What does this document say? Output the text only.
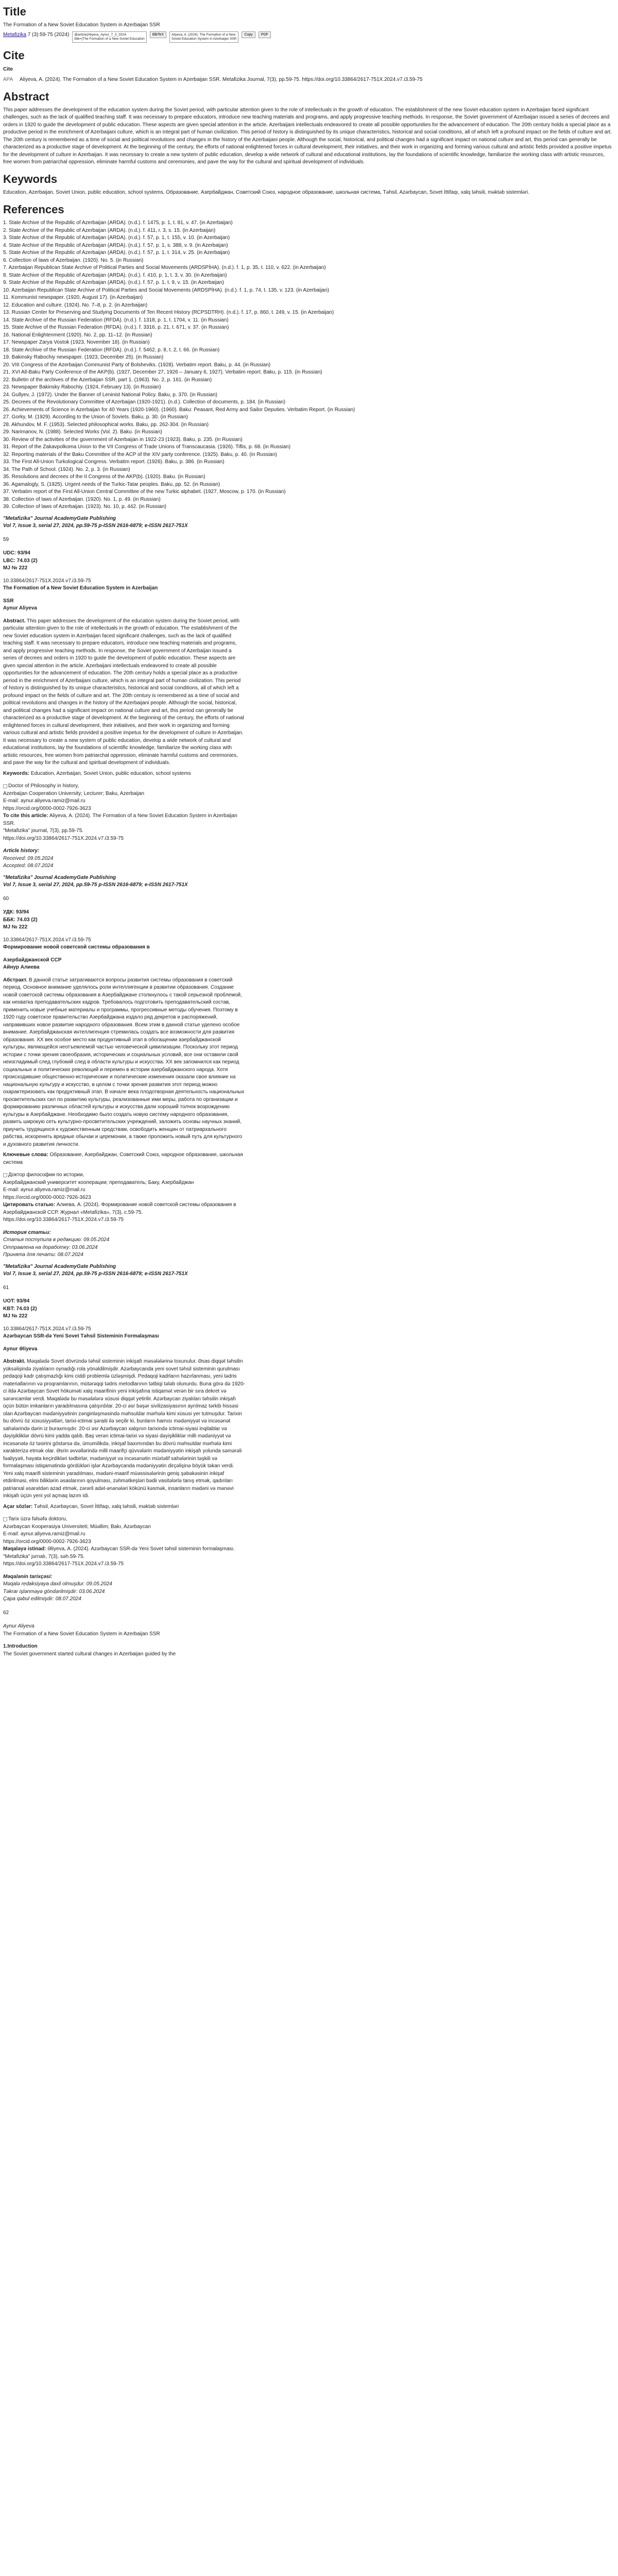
Title
The Formation of a New Soviet Education System in Azerbaijan SSR
Metafizika 7 (3):59-75 (2024) @article{Aliyeva_Aynur_7_3_2024,
title={The Formation of a New Soviet Education
BibTeX	Aliyeva, A. (2024). The Formation of a New
Soviet Education System in Azerbaijan SSR
Copy	PDF
Cite
Cite
APA	Aliyeva, A. (2024). The Formation of a New Soviet Education System in Azerbaijan SSR. Metafizika Journal, 7(3), pp.59-75. https://doi.org/10.33864/2617-751X.2024.v7.i3.59-75
Abstract

This paper addresses the development of the education system during the Soviet period, with particular attention given to the role of intellectuals in the growth of education. The establishment of the new Soviet education system in Azerbaijan faced significant challenges, such as the lack of qualified teaching staff. It was necessary to prepare educators, introduce new teaching materials and programs, and apply progressive teaching methods. In response, the Soviet government of Azerbaijan issued a series of decrees and orders in 1920 to guide the development of public education. These aspects are given special attention in the article. Azerbaijani intellectuals endeavored to create all possible opportunities for the advancement of education. The 20th century holds a special place as a productive period in the enrichment of Azerbaijani culture, which is an integral part of human civilization. This period of history is distinguished by its unique characteristics, historical and social conditions, all of which left a profound impact on the fields of culture and art. The 20th century is remembered as a time of social and political revolutions and changes in the history of the Azerbaijani people. Although the social, historical, and political changes had a significant impact on national culture and art, this period can generally be characterized as a productive stage of development. At the beginning of the century, the efforts of national enlightened forces in cultural development, their initiatives, and their work in organizing and forming various cultural and artistic fields provided a positive impetus for the development of culture in Azerbaijan. It was necessary to create a new system of public education, develop a wide network of cultural and educational institutions, lay the foundations of scientific knowledge, familiarize the working class with artistic resources, free women from patriarchal oppression, eliminate harmful customs and ceremonies, and pave the way for the cultural and spiritual development of individuals.

Keywords

Education, Azerbaijan, Soviet Union, public education, school systems, Образование, Азербайджан, Советский Союз, народное образование, школьная система, Təhsil, Azərbaycan, Sovet İttifaqı, xalq təhsili, məktəb sistemləri.

References
1. State Archive of the Republic of Azerbaijan (ARDA). (n.d.). f. 1475, p. 1, t. 81, v. 47. (in Azerbaijan)
2. State Archive of the Republic of Azerbaijan (ARDA). (n.d.). f. 411, r. 3, s. 15. (in Azerbaijan)
3. State Archive of the Republic of Azerbaijan (ARDA). (n.d.). f. 57, p. 1, t. 155, v. 10. (in Azerbaijan)
4. State Archive of the Republic of Azerbaijan (ARDA). (n.d.). f. 57, p. 1, s. 388, v. 9. (in Azerbaijan)
5. State Archive of the Republic of Azerbaijan (ARDA). (n.d.). f. 57, p. 1, t. 314, v. 25. (in Azerbaijan)
6. Collection of laws of Azerbaijan. (1920). No. 5. (in Russian)
7. Azerbaijan Republican State Archive of Political Parties and Social Movements (ARDSPİHA). (n.d.). f. 1, p. 35, t. 110, v. 622. (in Azerbaijan)
8. State Archive of the Republic of Azerbaijan (ARDA). (n.d.). f. 410, p. 1, t. 3, v. 30. (in Azerbaijan)
9. State Archive of the Republic of Azerbaijan (ARDA). (n.d.). f. 57, p. 1, t. 9, v. 15. (in Azerbaijan)
10. Azerbaijan Republican State Archive of Political Parties and Social Movements (ARDSPİHA). (n.d.). f. 1, p. 74, t. 135, v. 123. (in Azerbaijan)
11. Kommunist newspaper. (1920, August 17). (in Azerbaijan)
12. Education and culture. (1924). No. 7–8, p. 2. (in Azerbaijan)
13. Russian Center for Preserving and Studying Documents of Ten Recent History (RCPSDTRH). (n.d.). f. 17, p. 860, t. 249, v. 15. (in Azerbaijan)
14. State Archive of the Russian Federation (RFDA). (n.d.). f. 1318, p. 1, t. 1704, v. 11. (in Russian)
15. State Archive of the Russian Federation (RFDA). (n.d.). f. 3316, p. 21, t. 671, v. 37. (in Russian)
16. National Enlightenment (1920). No. 2, pp. 11–12. (in Russian)
17. Newspaper Zarya Vostok (1923, November 18). (in Russian)
18. State Archive of the Russian Federation (RFDA). (n.d.). f. 5462, p. 8, t. 2, t. 66. (in Russian)
19. Bakinsky Rabochiy newspaper. (1923, December 25). (in Russian)
20. VIII Congress of the Azerbaijan Communist Party of Bolsheviks. (1928). Verbatim report. Baku, p. 44. (in Russian)
21. XVI All-Baku Party Conference of the AKP(b). (1927, December 27, 1926 – January 6, 1927). Verbatim report. Baku, p. 115. (in Russian)
22. Bulletin of the archives of the Azerbaijan SSR, part 1. (1963). No. 2, p. 161. (in Russian)
23. Newspaper Bakinsky Rabochiy. (1924, February 13). (in Russian)
24. Gullyev, J. (1972). Under the Banner of Leninist National Policy. Baku, p. 370. (in Russian)
25. Decrees of the Revolutionary Committee of Azerbaijan (1920-1921). (n.d.). Collection of documents, p. 184. (in Russian)
26. Achievements of Science in Azerbaijan for 40 Years (1920-1960). (1960). Baku: Peasant, Red Army and Sailor Deputies. Verbatim Report. (in Russian)
27. Gorky, M. (1929). According to the Union of Soviets. Baku, p. 30. (in Russian)
28. Akhundov, M. F. (1953). Selected philosophical works. Baku, pp. 262-304. (in Russian)
29. Narimanov, N. (1988). Selected Works (Vol. 2). Baku. (in Russian)
30. Review of the activities of the government of Azerbaijan in 1922-23 (1923). Baku, p. 235. (in Russian)
31. Report of the Zakavpolkoma Union to the VII Congress of Trade Unions of Transcaucasia. (1926). Tiflis, p. 68. (in Russian)
32. Reporting materials of the Baku Committee of the ACP of the XIV party conference. (1925). Baku, p. 40. (in Russian)
33. The First All-Union Turkological Congress. Verbatim report. (1926). Baku, p. 386. (in Russian)
34. The Path of School. (1924). No. 2, p. 3. (in Russian)
35. Resolutions and decrees of the II Congress of the AKP(b). (1920). Baku. (in Russian)
36. Agamalogly, S. (1925). Urgent needs of the Turkic-Tatar peoples. Baku, pp. 52. (in Russian)
37. Verbatim report of the First All-Union Central Committee of the new Turkic alphabet. (1927, Moscow, p. 170. (in Russian)
38. Collection of laws of Azerbaijan. (1920). No. 1, p. 49. (in Russian)
39. Collection of laws of Azerbaijan. (1923). No. 10, p. 442. (in Russian)
"Metafizika" Journal AcademyGate Publishing
Vol 7, Issue 3, serial 27, 2024, pp.59-75 p-ISSN 2616-6879; e-ISSN 2617-751X
59
UDC: 93/94
LBC: 74.03 (2)
MJ № 222
10.33864/2617-751X.2024.v7.i3.59-75
The Formation of a New Soviet Education System in Azerbaijan
SSR
Aynur Aliyeva

Abstract. This paper addresses the development of the education system during the Soviet period, with particular attention given to the role of intellectuals in the growth of education. The establishment of the new Soviet education system in Azerbaijan faced significant challenges, such as the lack of qualified teaching staff. It was necessary to prepare educators, introduce new teaching materials and programs, and apply progressive teaching methods. In response, the Soviet government of Azerbaijan issued a series of decrees and orders in 1920 to guide the development of public education. These aspects are given special attention in the article. Azerbaijani intellectuals endeavored to create all possible opportunities for the advancement of education. The 20th century holds a special place as a productive period in the enrichment of Azerbaijani culture, which is an integral part of human civilization. This period of history is distinguished by its unique characteristics, historical and social conditions, all of which left a profound impact on the fields of culture and art. The 20th century is remembered as a time of social and political revolutions and changes in the history of the Azerbaijani people. Although the social, historical, and political changes had a significant impact on national culture and art, this period can generally be characterized as a productive stage of development. At the beginning of the century, the efforts of national enlightened forces in cultural development, their initiatives, and their work in organizing and forming various cultural and artistic fields provided a positive impetus for the development of culture in Azerbaijan. It was necessary to create a new system of public education, develop a wide network of cultural and educational institutions, lay the foundations of scientific knowledge, familiarize the working class with artistic resources, free women from patriarchal oppression, eliminate harmful customs and ceremonies, and pave the way for the cultural and spiritual development of individuals.

Keywords: Education, Azerbaijan, Soviet Union, public education, school systems

Doctor of Philosophy in history,
Azerbaijan Cooperation University; Lecturer; Baku, Azerbaijan
E-mail: aynur.aliyeva.ramiz@mail.ru
https://orcid.org/0000-0002-7926-3623
To cite this article: Aliyeva, A. (2024). The Formation of a New Soviet Education System in Azerbaijan SSR.
"Metafizika" journal, 7(3), pp.59-75.
https://doi.org/10.33864/2617-751X.2024.v7.i3.59-75
Article history:
Received: 09.05.2024
Accepted: 08.07.2024
"Metafizika" Journal AcademyGate Publishing
Vol 7, Issue 3, serial 27, 2024, pp.59-75 p-ISSN 2616-6879; e-ISSN 2617-751X
60
УДК: 93/94
ББК: 74.03 (2)
MJ № 222
10.33864/2617-751X.2024.v7.i3.59-75
Формирование новой советской системы образования в
Азербайджанской ССР
Айнур Алиева

Абстракт. В данной статье затрагиваются вопросы развития системы образования в советский период. Основное внимание уделялось роли интеллигенции в развитии образования. Создание новой советской системы образования в Азербайджане столкнулось с такой серьезной проблемой, как нехватка преподавательских кадров. Требовалось подготовить преподавательский состав, применить новые учебные материалы и программы, прогрессивные методы обучения. Поэтому в 1920 году советское правительство Азербайджана издало ряд декретов и распоряжений, направивших новое развитие народного образования. Всем этим в данной статье уделено особое внимание. Азербайджанская интеллигенция стремилась создать все возможности для развития образования. XX век особое место как продуктивный этап в обогащении азербайджанской культуры, являющейся неотъемлемой частью человеческой цивилизации. Поскольку этот период истории с точки зрения своеобразия, исторических и социальных условий, все они оставили свой неизгладимый след глубокий след в области культуры и искусства. XX век запомнился как период социальных и политических революций и перемен в истории азербайджанского народа. Хотя происходившие общественно-исторические и политические изменения оказали свое влияние на национальную культуру и искусство, в целом с точки зрения развития этот период можно охарактеризовать как продуктивный этап. В начале века плодотворная деятельность национальных просветительских сил по развитию культуры, реализованные ими меры, работа по организации и формированию различных областей культуры и искусства дали хороший толчок возрождению культуры в Азербайджане. Необходимо было создать новую систему народного образования, развить широкую сеть культурно-просветительских учреждений, заложить основы научных знаний, приучить трудящихся к художественным средствам, освободить женщин от патриархального рабства, искоренить вредные обычаи и церемонии, а также проложить новый путь для культурного и духовного развития личности.

Ключевые слова: Образование, Азербайджан, Советский Союз, народное образование, школьная система

Доктор философии по истории,
Азербайджанский университет кооперации; преподаватель; Баку, Азербайджан
E-mail: aynur.aliyeva.ramiz@mail.ru
https://orcid.org/0000-0002-7926-3623
Цитировать статью: Алиева, А. (2024). Формирование новой советской системы образования в Азербайджанской ССР. Журнал «Metafizika», 7(3), с.59-75.
https://doi.org/10.33864/2617-751X.2024.v7.i3.59-75
История статьи:
Статья поступила в редакцию: 09.05.2024
Отправлена на доработку: 03.06.2024
Принята для печати: 08.07.2024
"Metafizika" Journal AcademyGate Publishing
Vol 7, Issue 3, serial 27, 2024, pp.59-75 p-ISSN 2616-6879; e-ISSN 2617-751X
61
UOT: 93/94
KBT: 74.03 (2)
MJ № 222
10.33864/2617-751X.2024.v7.i3.59-75
Azərbaycan SSR-də Yeni Sovet Təhsil Sisteminin Formalaşması
Aynur Əliyeva

Abstrakt. Məqalədə Sovet dövründə təhsil sisteminin inkişafı məsələlərinə toxunulur. Əsas diqqət təhsilin yüksəlişində ziyalıların oynadığı rola yönəldilmişdir. Azərbaycanda yeni sovet təhsil sisteminin qurulması pedaqoji kadr çatışmazlığı kimi ciddi problemlə üzləşmişdi. Pedaqoji kadrların hazırlanması, yeni tədris materiallarının və proqramlarının, mütərəqqi tədris metodlarının tətbiqi tələb olunurdu. Buna görə də 1920-ci ildə Azərbaycan Sovet hökuməti xalq maarifinin yeni inkişafına istiqamət verən bir sıra dekret və sərəncamlar verdi. Məqalədə bu məsələlərə xüsusi diqqət yetirilir. Azərbaycan ziyalıları təhsilin inkişafı üçün bütün imkanların yaradılmasına çalışırdılar. 20-ci əsr bəşər sivilizasiyasının ayrılmaz tərkib hissəsi olan Azərbaycan mədəniyyətinin zənginləşməsində məhsuldar mərhələ kimi xüsusi yer tutmuşdur. Tarixin bu dövrü öz xüsusiyyətləri, tarixi-ictimai şəraiti ilə seçilir ki, bunların hamısı mədəniyyət və incəsənət sahələrində dərin iz buraxmışdır. 20-ci əsr Azərbaycan xalqının tarixində ictimai-siyasi inqilablar və dəyişikliklər dövrü kimi yadda qalıb. Baş verən ictimai-tarixi və siyasi dəyişikliklər milli mədəniyyət və incəsənətə öz təsirini göstərsə də, ümumilikdə, inkişaf baxımından bu dövrü məhsuldar mərhələ kimi xarakterizə etmək olar. Əsrin əvvəllərində milli maarifçi qüvvələrin mədəniyyətin inkişafı yolunda səmərəli fəaliyyəti, həyata keçirdikləri tədbirlər, mədəniyyət və incəsənətin müxtəlif sahələrinin təşkili və formalaşması istiqamətində gördükləri işlər Azərbaycanda mədəniyyətin dirçəlişinə böyük təkan verdi. Yeni xalq maarifi sisteminin yaradılması, mədəni-maarif müəssisələrinin geniş şəbəkəsinin inkişaf etdirilməsi, elmi biliklərin əsaslarının qoyulması, zəhmətkeşləri bədii vasitələrlə tanış etmək, qadınları patriarxal əsarətdən azad etmək, zərərli adət-ənənələri kökünü kəsmək, insanların mədəni və mənəvi inkişafı üçün yeni yol açmaq lazım idi.

Açar sözlər: Təhsil, Azərbaycan, Sovet İttifaqı, xalq təhsili, məktəb sistemləri

Tarix üzrə fəlsəfə doktoru,
Azərbaycan Kooperasiya Universiteti; Müəllim; Bakı, Azərbaycan
E-mail: aynur.aliyeva.ramiz@mail.ru
https://orcid.org/0000-0002-7926-3623
Məqaləyə istinad: Əliyeva, A. (2024). Azərbaycan SSR-də Yeni Sovet təhsil sisteminin formalaşması. "Metafizika" jurnalı, 7(3), səh.59-75.
https://doi.org/10.33864/2617-751X.2024.v7.i3.59-75
Məqalənin tarixçəsi:
Məqalə redaksiyaya daxil olmuşdur: 09.05.2024
Təkrar işlənməyə göndərilmişdir: 03.06.2024
Çapa qəbul edilmişdir: 08.07.2024
62
Aynur Aliyeva
The Formation of a New Soviet Education System in Azerbaijan SSR
1.Introduction
The Soviet government started cultural changes in Azerbaijan guided by the
